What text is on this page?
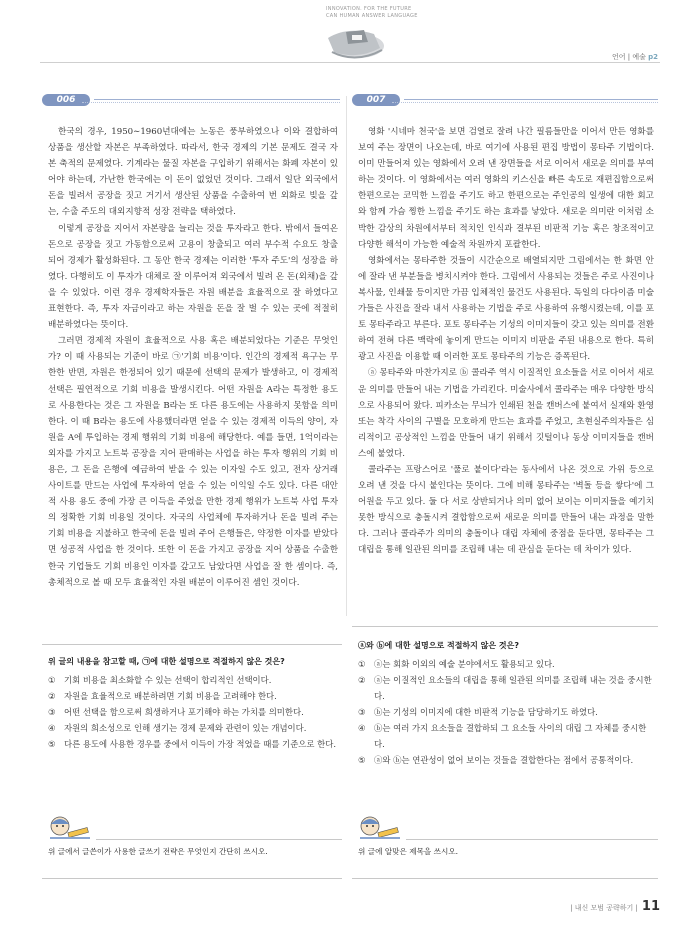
INNOVATION. FOR THE FUTURE
CAN HUMAN ANSWER LANGUAGE
언어 | 예술 p2
006

한국의 경우, 1950∼1960년대에는 노동은 풍부하였으나 이와 결합하여 상품을 생산할 자본은 부족하였다. 따라서, 한국 경제의 기본 문제도 결국 자본 축적의 문제였다. 기계라는 물질 자본을 구입하기 위해서는 화폐 자본이 있어야 하는데, 가난한 한국에는 이 돈이 없었던 것이다. 그래서 일단 외국에서 돈을 빌려서 공장을 짓고 거기서 생산된 상품을 수출하여 번 외화로 빚을 갚는, 수출 주도의 대외지향적 성장 전략을 택하였다.

이렇게 공장을 지어서 자본량을 늘리는 것을 투자라고 한다. 밖에서 들여온 돈으로 공장을 짓고 가동함으로써 고용이 창출되고 여러 부수적 수요도 창출되어 경제가 활성화된다. 그 동안 한국 경제는 이러한 '투자 주도'의 성장을 하였다. 다행히도 이 투자가 대체로 잘 이루어져 외국에서 빌려 온 돈(외채)을 갚을 수 있었다. 이런 경우 경제학자들은 자원 배분을 효율적으로 잘 하였다고 표현한다. 즉, 투자 자금이라고 하는 자원을 돈을 잘 벌 수 있는 곳에 적절히 배분하였다는 뜻이다.

그러면 경제적 자원이 효율적으로 사용 혹은 배분되었다는 기준은 무엇인가? 이 때 사용되는 기준이 바로 ㉠'기회 비용'이다. 인간의 경제적 욕구는 무한한 반면, 자원은 한정되어 있기 때문에 선택의 문제가 발생하고, 이 경제적 선택은 필연적으로 기회 비용을 발생시킨다. 어떤 자원을 A라는 특정한 용도로 사용한다는 것은 그 자원을 B라는 또 다른 용도에는 사용하지 못함을 의미한다. 이 때 B라는 용도에 사용했더라면 얻을 수 있는 경제적 이득의 양이, 자원을 A에 투입하는 경제 행위의 기회 비용에 해당한다. 예를 들면, 1억이라는 외자를 가지고 노트북 공장을 지어 판매하는 사업을 하는 투자 행위의 기회 비용은, 그 돈을 은행에 예금하여 받을 수 있는 이자일 수도 있고, 전자 상거래 사이트를 만드는 사업에 투자하여 얻을 수 있는 이익일 수도 있다. 다른 대안적 사용 용도 중에 가장 큰 이득을 주었을 만한 경제 행위가 노트북 사업 투자의 정확한 기회 비용일 것이다. 자국의 사업체에 투자하거나 돈을 빌려 주는 기회 비용을 지불하고 한국에 돈을 빌려 주어 은행들은, 약정한 이자를 받았다면 성공적 사업을 한 것이다. 또한 이 돈을 가지고 공장을 지어 상품을 수출한 한국 기업들도 기회 비용인 이자를 갚고도 남았다면 사업을 잘 한 셈이다. 즉, 총체적으로 볼 때 모두 효율적인 자원 배분이 이루어진 셈인 것이다.

위 글의 내용을 참고할 때, ㉠에 대한 설명으로 적절하지 않은 것은?
① 기회 비용을 최소화할 수 있는 선택이 합리적인 선택이다.
② 자원을 효율적으로 배분하려면 기회 비용을 고려해야 한다.
③ 어떤 선택을 함으로써 희생하거나 포기해야 하는 가치를 의미한다.
④ 자원의 희소성으로 인해 생기는 경제 문제와 관련이 있는 개념이다.
⑤ 다른 용도에 사용한 경우를 중에서 이득이 가장 적었을 때를 기준으로 한다.
위 글에서 글쓴이가 사용한 글쓰기 전략은 무엇인지 간단히 쓰시오.
007

영화 '시네마 천국'을 보면 검열로 잘려 나간 필름들만을 이어서 만든 영화를 보여 주는 장면이 나오는데, 바로 여기에 사용된 편집 방법이 몽타주 기법이다. 이미 만들어져 있는 영화에서 오려 낸 장면들을 서로 이어서 새로운 의미를 부여하는 것이다. 이 영화에서는 여러 영화의 키스신을 빠른 속도로 재편집함으로써 한편으로는 코믹한 느낌을 주기도 하고 한편으로는 주인공의 일생에 대한 회고와 함께 가슴 찡한 느낌을 주기도 하는 효과를 낳았다. 새로운 의미란 이처럼 소박한 감상의 차원에서부터 적치인 인식과 결부된 비판적 기능 혹은 창조적이고 다양한 해석이 가능한 예술적 차원까지 포괄한다.

영화에서는 몽타주한 것들이 시간순으로 배열되지만 그림에서는 한 화면 안에 잘라 낸 부분들을 병치시켜야 한다. 그림에서 사용되는 것들은 주로 사진이나 복사물, 인쇄물 등이지만 가끔 입체적인 물건도 사용된다. 독일의 다다이즘 미술가들은 사진을 잘라 내서 사용하는 기법을 주로 사용하여 유행시켰는데, 이를 포토 몽타주라고 부른다. 포토 몽타주는 기성의 이미지들이 갖고 있는 의미를 전환하여 전혀 다른 맥락에 놓이게 만드는 이미지 비판을 주된 내용으로 한다. 특히 광고 사진을 이용할 때 이러한 포토 몽타주의 기능은 증폭된다.

ⓐ 몽타주와 마찬가지로 ⓑ 콜라주 역시 이질적인 요소들을 서로 이어서 새로운 의미를 만들어 내는 기법을 가리킨다. 미술사에서 콜라주는 매우 다양한 방식으로 사용되어 왔다. 피카소는 무늬가 인쇄된 천을 캔버스에 붙여서 실재와 환영 또는 착각 사이의 구별을 모호하게 만드는 효과를 주었고, 초현실주의자들은 심리적이고 공상적인 느낌을 만들어 내기 위해서 깃털이나 동상 이미지들을 캔버스에 붙였다.

콜라주는 프랑스어로 '풀로 붙이다'라는 동사에서 나온 것으로 가위 등으로 오려 낸 것을 다시 붙인다는 뜻이다. 그에 비해 몽타주는 '벽돌 등을 쌓다'에 그 어원을 두고 있다. 둘 다 서로 상반되거나 의미 없어 보이는 이미지들을 예기치 못한 방식으로 충돌시켜 결합함으로써 새로운 의미를 만들어 내는 과정을 말한다. 그러나 콜라주가 의미의 충돌이나 대립 자체에 중점을 둔다면, 몽타주는 그 대립을 통해 일관된 의미를 조립해 내는 데 관심을 둔다는 데 차이가 있다.

ⓐ와 ⓑ에 대한 설명으로 적절하지 않은 것은?
① ⓐ는 회화 이외의 예술 분야에서도 활용되고 있다.
② ⓐ는 이질적인 요소들의 대립을 통해 일관된 의미를 조립해 내는 것을 중시한다.
③ ⓑ는 기성의 이미지에 대한 비판적 기능을 담당하기도 하였다.
④ ⓑ는 여러 가지 요소들을 결합하되 그 요소들 사이의 대립 그 자체를 중시한다.
⑤ ⓐ와 ⓑ는 연관성이 없어 보이는 것들을 결합한다는 점에서 공통적이다.
위 글에 알맞은 제목을 쓰시오.
| 내신 모범 공략하기 | 11
